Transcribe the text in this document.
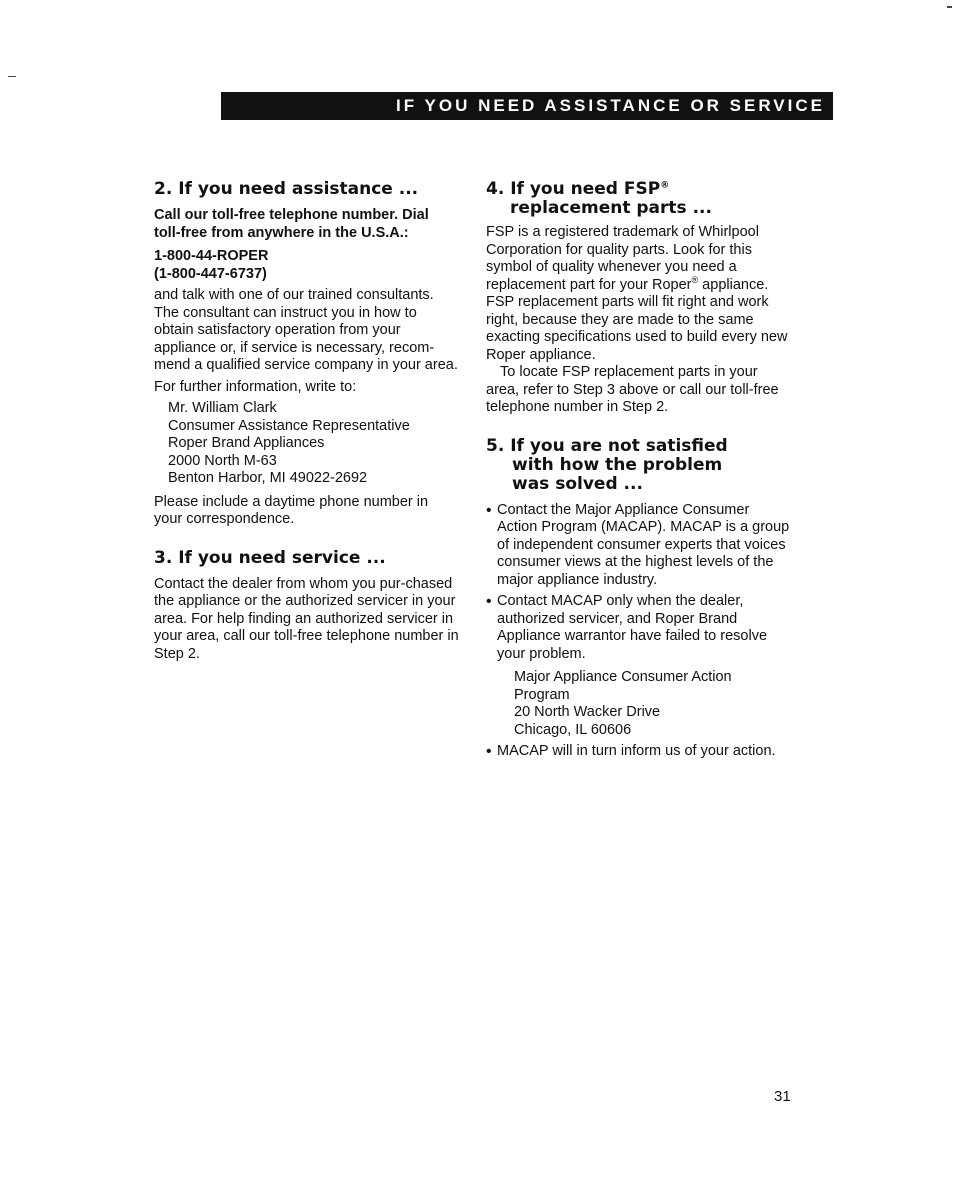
IF YOU NEED ASSISTANCE OR SERVICE
2. If you need assistance ...

Call our toll-free telephone number. Dial toll-free from anywhere in the U.S.A.:

1-800-44-ROPER

(1-800-447-6737)

and talk with one of our trained consultants. The consultant can instruct you in how to obtain satisfactory operation from your appliance or, if service is necessary, recom-mend a qualified service company in your area.

For further information, write to:

Mr. William Clark

Consumer Assistance Representative

Roper Brand Appliances

2000 North M-63

Benton Harbor, MI 49022-2692

Please include a daytime phone number in your correspondence.

3. If you need service ...

Contact the dealer from whom you pur-chased the appliance or the authorized servicer in your area. For help finding an authorized servicer in your area, call our toll-free telephone number in Step 2.

4. If you need FSP®
replacement parts ...

FSP is a registered trademark of Whirlpool Corporation for quality parts. Look for this symbol of quality whenever you need a replacement part for your Roper® appliance. FSP replacement parts will fit right and work right, because they are made to the same exacting specifications used to build every new Roper appliance.

To locate FSP replacement parts in your area, refer to Step 3 above or call our toll-free telephone number in Step 2.

5. If you are not satisfied
with how the problem
was solved ...
• Contact the Major Appliance Consumer Action Program (MACAP). MACAP is a group of independent consumer experts that voices consumer views at the highest levels of the major appliance industry.

• Contact MACAP only when the dealer, authorized servicer, and Roper Brand Appliance warrantor have failed to resolve your problem.

Major Appliance Consumer Action Program

20 North Wacker Drive

Chicago, IL 60606

• MACAP will in turn inform us of your action.

31
